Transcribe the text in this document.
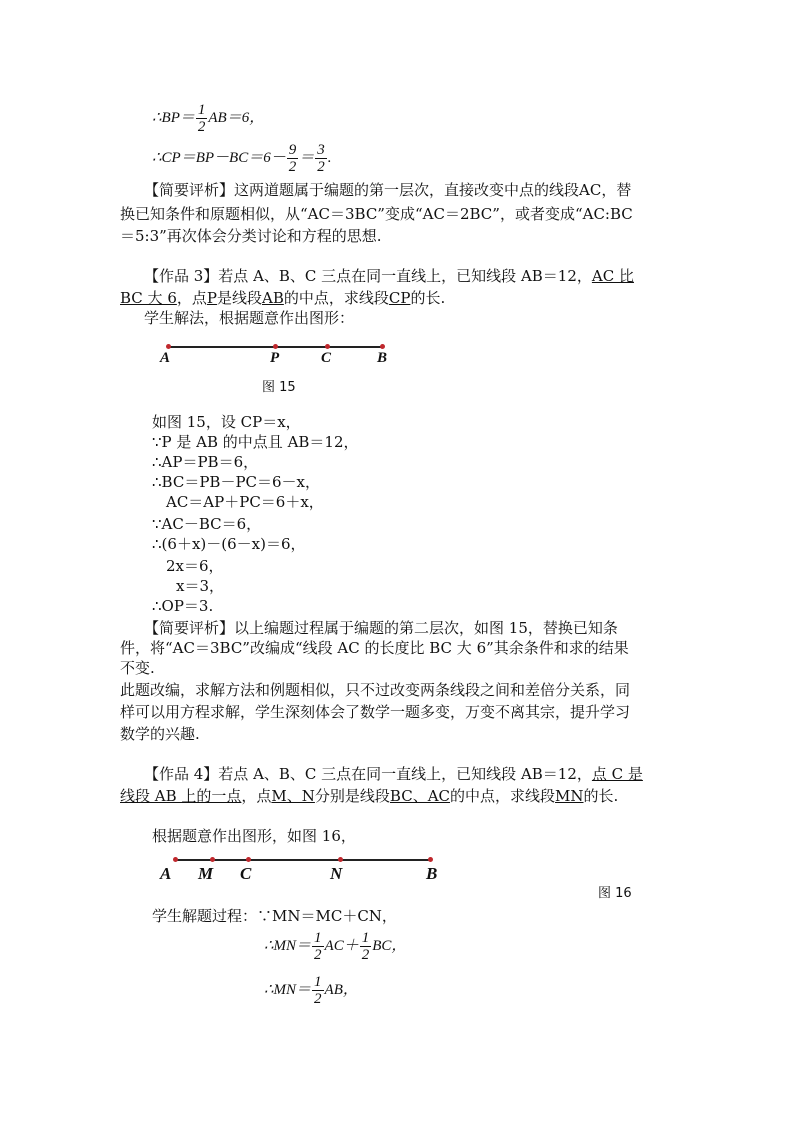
∴BP＝ $\frac{1}{2} AB=6$，
∴CP＝BP－BC＝6－ $\frac{9}{2} = \frac{3}{2}$ .
【简要评析】这两道题属于编题的第一层次，直接改变中点的线段AC，替
换已知条件和原题相似，从“AC＝3BC”变成“AC＝2BC”，或者变成“AC:BC
＝5:3”再次体会分类讨论和方程的思想.
【作品 3】若点 A、B、C 三点在同一直线上，已知线段 AB＝12，AC 比
BC 大 6，点P是线段AB的中点，求线段CP的长.
学生解法，根据题意作出图形：
A	P	C	B
图 15
如图 15，设 CP＝x，
∵P 是 AB 的中点且 AB＝12，
∴AP＝PB＝6，
∴BC＝PB－PC＝6－x，
AC＝AP＋PC＝6＋x，
∵AC－BC＝6，
∴(6＋x)－(6－x)＝6，
2x＝6，
x＝3，
∴OP＝3.
【简要评析】以上编题过程属于编题的第二层次，如图 15，替换已知条
件，将“AC＝3BC”改编成“线段 AC 的长度比 BC 大 6”其余条件和求的结果
不变.
此题改编，求解方法和例题相似，只不过改变两条线段之间和差倍分关系，同
样可以用方程求解，学生深刻体会了数学一题多变，万变不离其宗，提升学习
数学的兴趣.
【作品 4】若点 A、B、C 三点在同一直线上，已知线段 AB＝12，点 C 是
线段 AB 上的一点，点M、N分别是线段BC、AC的中点，求线段MN的长.
根据题意作出图形，如图 16，
A M C	N	B
图 16
学生解题过程：∵MN＝MC＋CN，
∴MN＝ $\frac{1}{2} AC+ \frac{1}{2}$ BC，
∴MN＝ $\frac{1}{2}$ AB，
